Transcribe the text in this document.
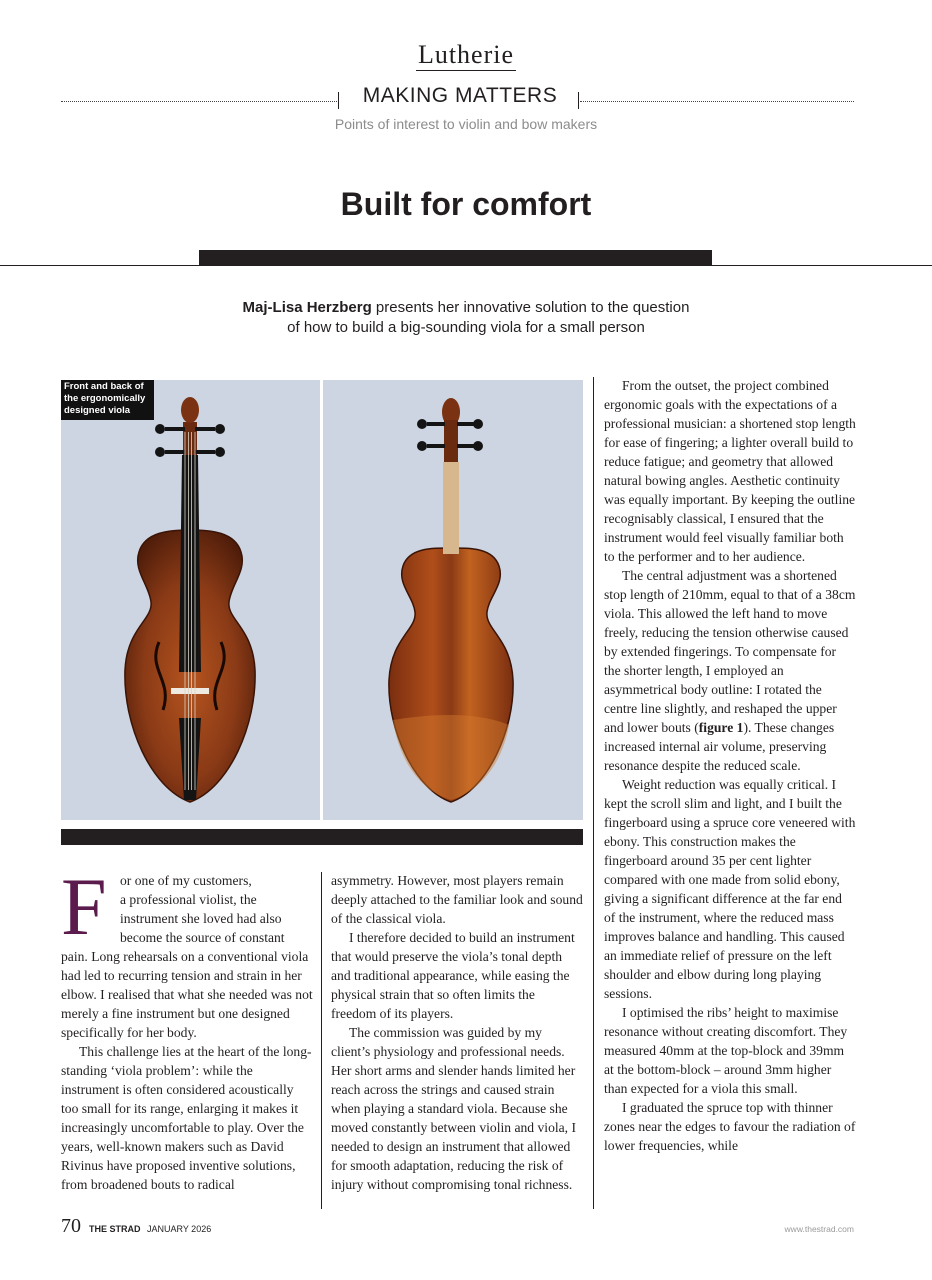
Lutherie
MAKING MATTERS
Points of interest to violin and bow makers
Built for comfort
Maj-Lisa Herzberg presents her innovative solution to the question
of how to build a big-sounding viola for a small person
Front and back of the ergonomically designed viola

F or one of my customers,
a professional violist, the
instrument she loved had also
become the source of constant
pain. Long rehearsals on a conventional viola had led to recurring tension and strain in her elbow. I realised that what she needed was not merely a fine instrument but one designed specifically for her body.

This challenge lies at the heart of the long-standing ‘viola problem’: while the instrument is often considered acoustically too small for its range, enlarging it makes it increasingly uncomfortable to play. Over the years, well-known makers such as David Rivinus have proposed inventive solutions, from broadened bouts to radical

asymmetry. However, most players remain deeply attached to the familiar look and sound of the classical viola.

I therefore decided to build an instrument that would preserve the viola’s tonal depth and traditional appearance, while easing the physical strain that so often limits the freedom of its players.

The commission was guided by my client’s physiology and professional needs. Her short arms and slender hands limited her reach across the strings and caused strain when playing a standard viola. Because she moved constantly between violin and viola, I needed to design an instrument that allowed for smooth adaptation, reducing the risk of injury without compromising tonal richness.

From the outset, the project combined ergonomic goals with the expectations of a professional musician: a shortened stop length for ease of fingering; a lighter overall build to reduce fatigue; and geometry that allowed natural bowing angles. Aesthetic continuity was equally important. By keeping the outline recognisably classical, I ensured that the instrument would feel visually familiar both to the performer and to her audience.

The central adjustment was a shortened stop length of 210mm, equal to that of a 38cm viola. This allowed the left hand to move freely, reducing the tension otherwise caused by extended fingerings. To compensate for the shorter length, I employed an asymmetrical body outline: I rotated the centre line slightly, and reshaped the upper and lower bouts (figure 1). These changes increased internal air volume, preserving resonance despite the reduced scale.

Weight reduction was equally critical. I kept the scroll slim and light, and I built the fingerboard using a spruce core veneered with ebony. This construction makes the fingerboard around 35 per cent lighter compared with one made from solid ebony, giving a significant difference at the far end of the instrument, where the reduced mass improves balance and handling. This caused an immediate relief of pressure on the left shoulder and elbow during long playing sessions.

I optimised the ribs’ height to maximise resonance without creating discomfort. They measured 40mm at the top-block and 39mm at the bottom-block – around 3mm higher than expected for a viola this small.

I graduated the spruce top with thinner zones near the edges to favour the radiation of lower frequencies, while

70 THE STRAD JANUARY 2026	www.thestrad.com
